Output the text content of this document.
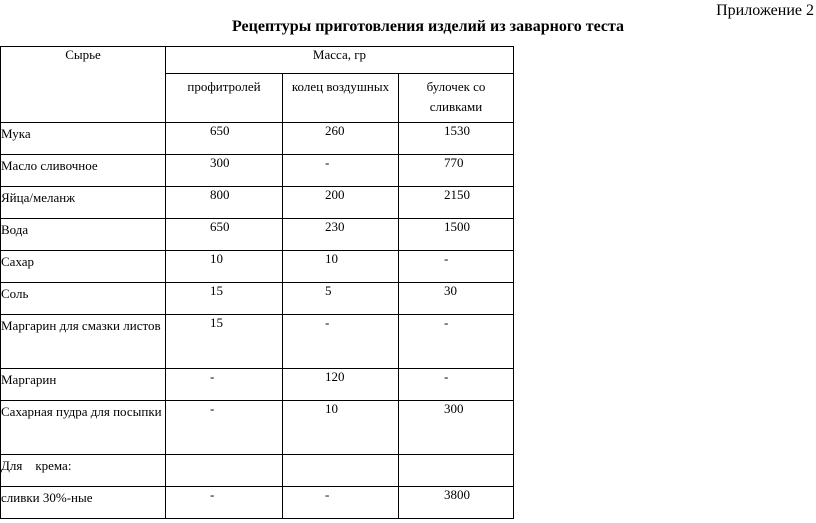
Приложение 2
Рецептуры приготовления изделий из заварного теста
Сырье	Масса, гр		

	профитролей	колец воздушных	булочек со сливками

Мука	650	260	1530
Масло сливочное	300	-	770
Яйца/меланж	800	200	2150
Вода	650	230	1500
Сахар	10	10	-
Соль	15	5	30
Маргарин для смазки листов	15	-	-
Маргарин	-	120	-
Сахарная пудра для посыпки	-	10	300
Для    крема:			
сливки 30%-ные	-	-	3800
